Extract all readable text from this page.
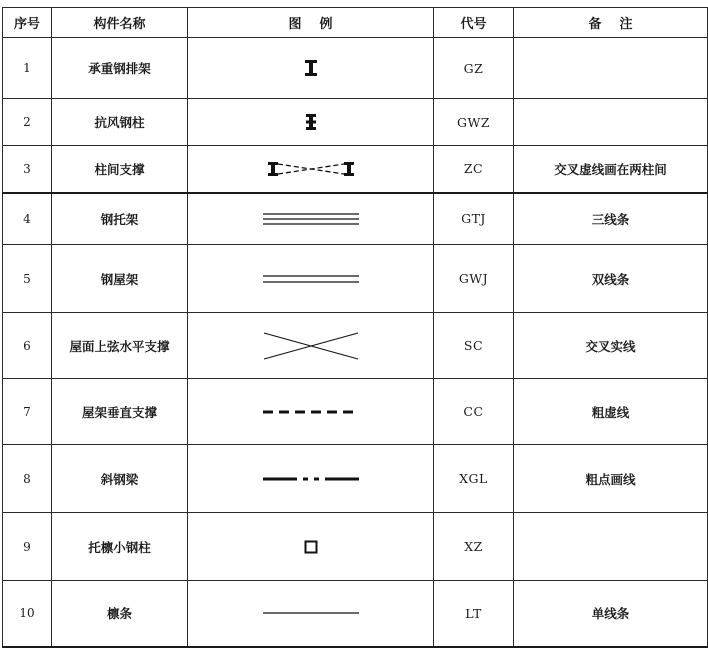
序号	构件名称	图    例	代号	备    注
1	承重钢排架		GZ	
2	抗风钢柱		GWZ	
3	柱间支撑		ZC	交叉虚线画在两柱间
4	钢托架		GTJ	三线条
5	钢屋架		GWJ	双线条
6	屋面上弦水平支撑		SC	交叉实线
7	屋架垂直支撑		CC	粗虚线
8	斜钢梁		XGL	粗点画线
9	托檩小钢柱		XZ	
10	檩条		LT	单线条
